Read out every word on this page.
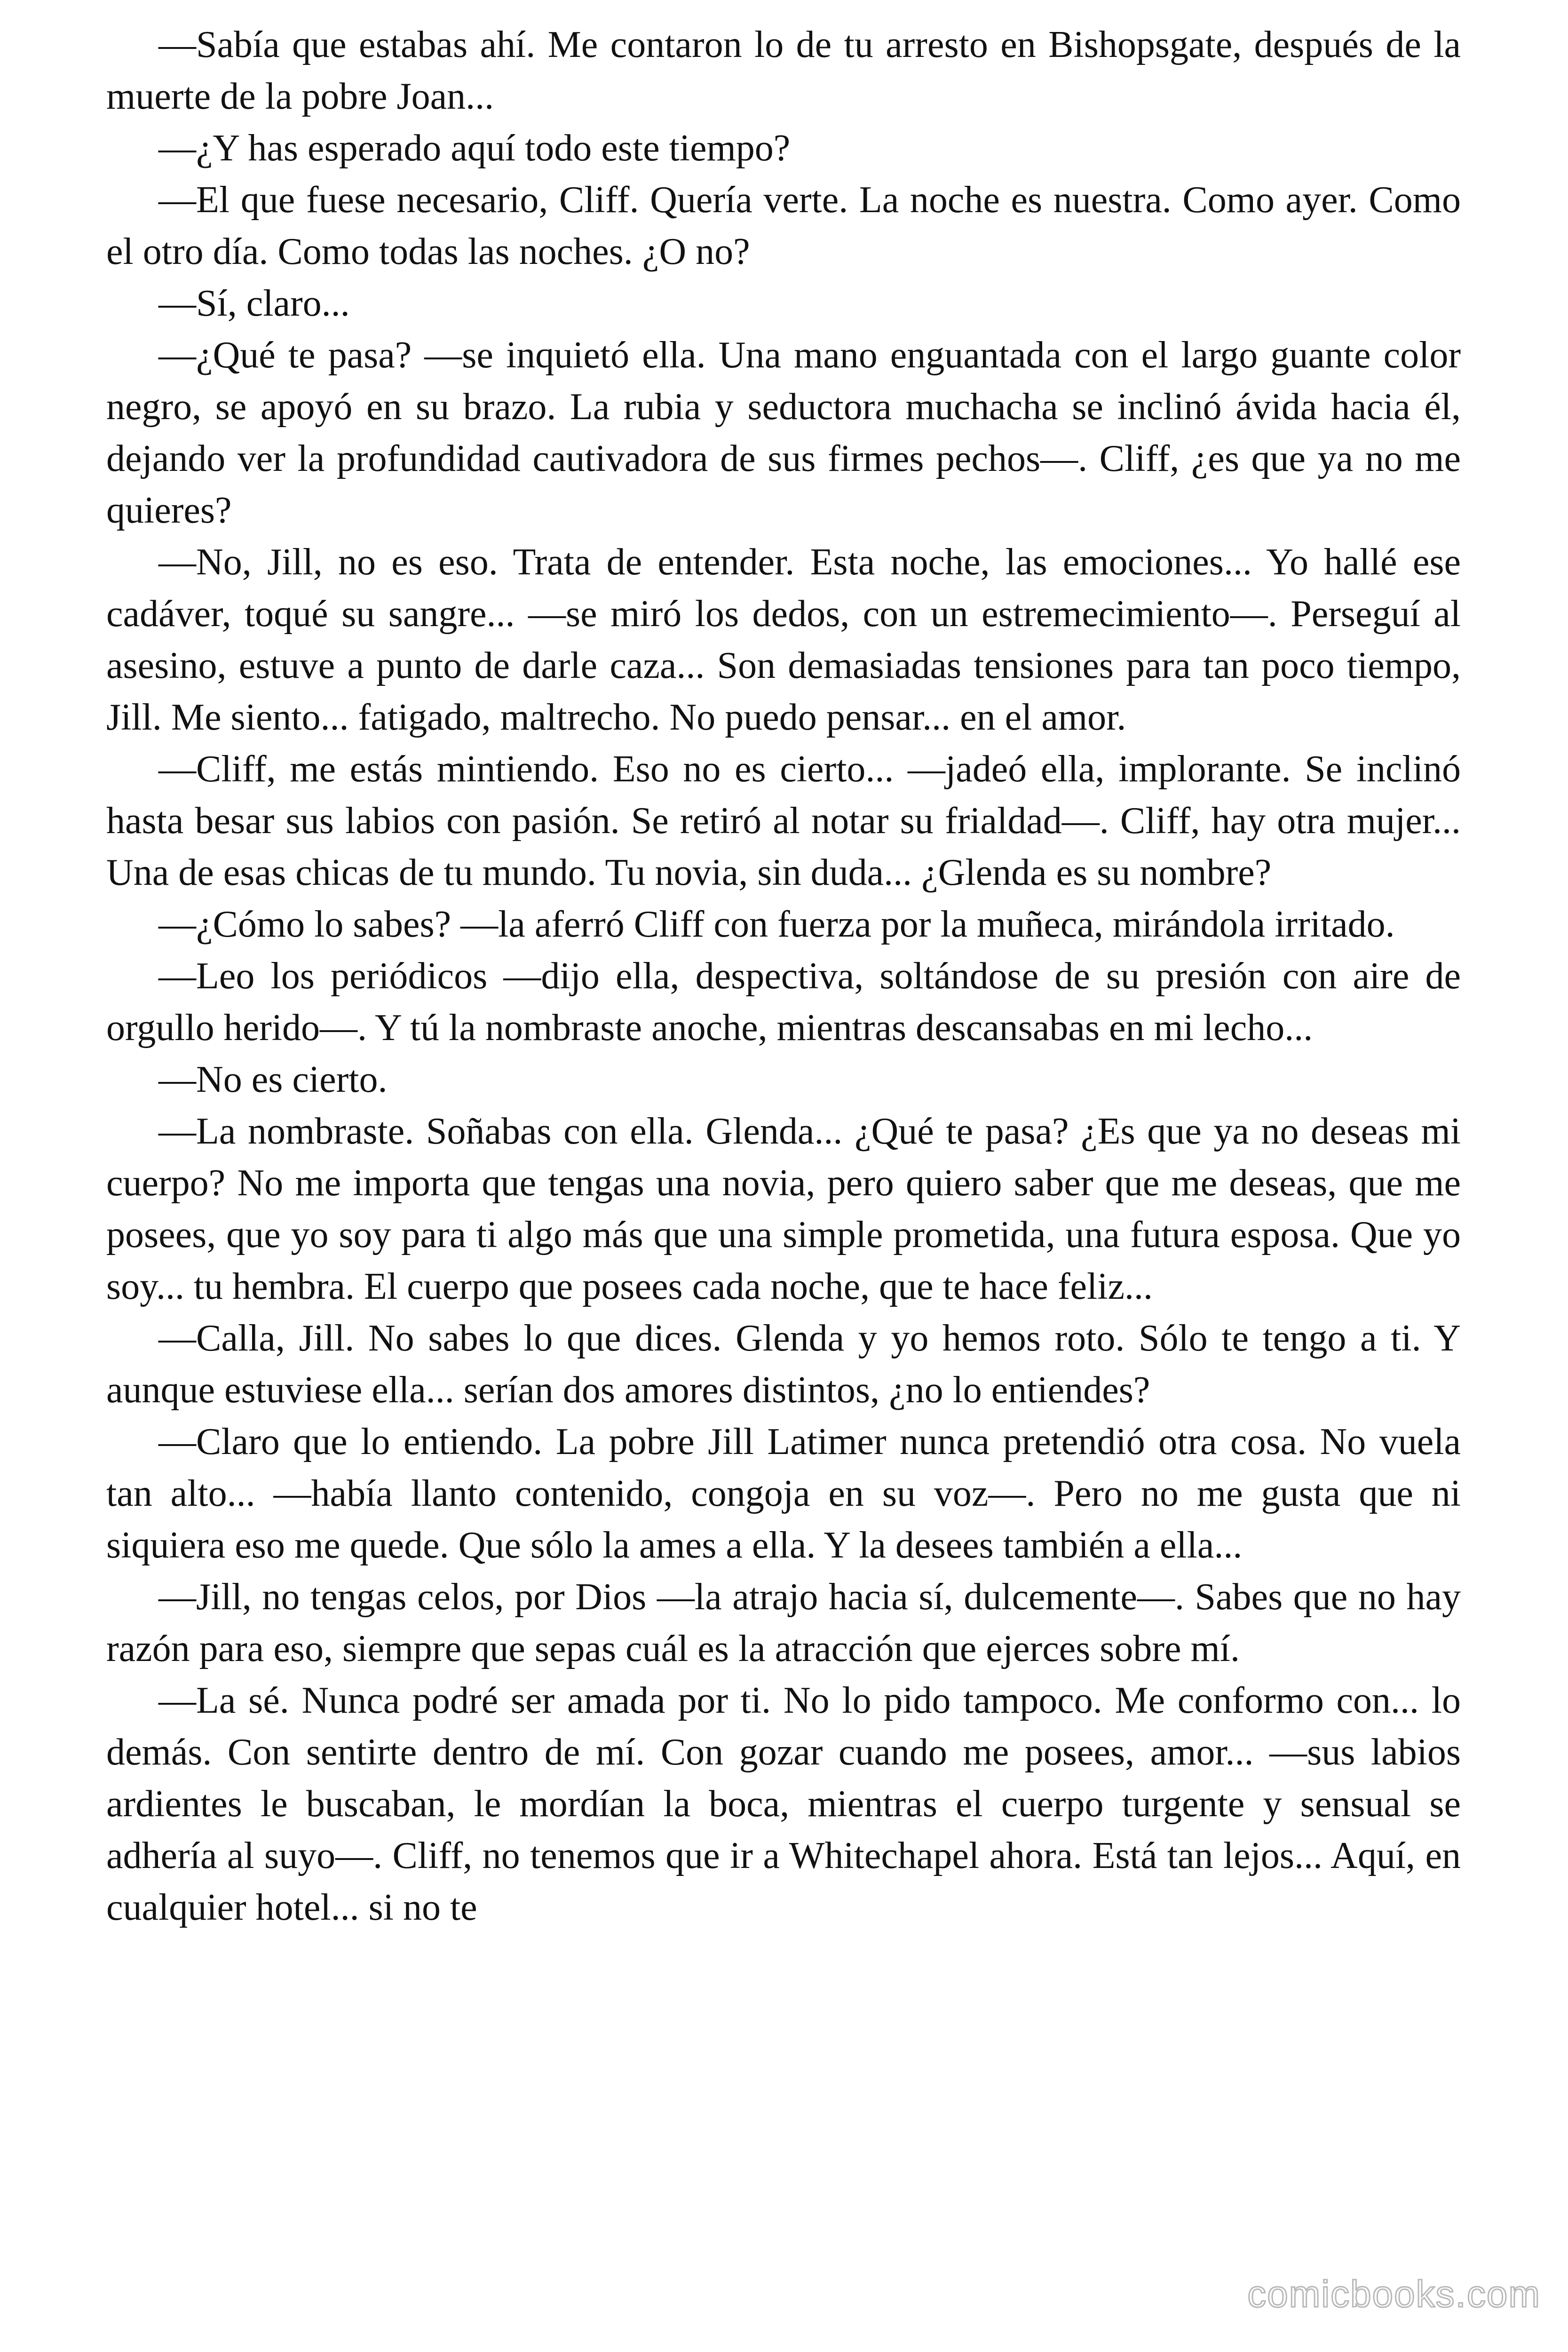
—Sabía que estabas ahí. Me contaron lo de tu arresto en Bishopsgate, después de la muerte de la pobre Joan...

—¿Y has esperado aquí todo este tiempo?

—El que fuese necesario, Cliff. Quería verte. La noche es nuestra. Como ayer. Como el otro día. Como todas las noches. ¿O no?

—Sí, claro...

—¿Qué te pasa? —se inquietó ella. Una mano enguantada con el largo guante color negro, se apoyó en su brazo. La rubia y seductora muchacha se inclinó ávida hacia él, dejando ver la profundidad cautivadora de sus firmes pechos—. Cliff, ¿es que ya no me quieres?

—No, Jill, no es eso. Trata de entender. Esta noche, las emociones... Yo hallé ese cadáver, toqué su sangre... —se miró los dedos, con un estremecimiento—. Perseguí al asesino, estuve a punto de darle caza... Son demasiadas tensiones para tan poco tiempo, Jill. Me siento... fatigado, maltrecho. No puedo pensar... en el amor.

—Cliff, me estás mintiendo. Eso no es cierto... —jadeó ella, implorante. Se inclinó hasta besar sus labios con pasión. Se retiró al notar su frialdad—. Cliff, hay otra mujer... Una de esas chicas de tu mundo. Tu novia, sin duda... ¿Glenda es su nombre?

—¿Cómo lo sabes? —la aferró Cliff con fuerza por la muñeca, mirándola irritado.

—Leo los periódicos —dijo ella, despectiva, soltándose de su presión con aire de orgullo herido—. Y tú la nombraste anoche, mientras descansabas en mi lecho...

—No es cierto.

—La nombraste. Soñabas con ella. Glenda... ¿Qué te pasa? ¿Es que ya no deseas mi cuerpo? No me importa que tengas una novia, pero quiero saber que me deseas, que me posees, que yo soy para ti algo más que una simple prometida, una futura esposa. Que yo soy... tu hembra. El cuerpo que posees cada noche, que te hace feliz...

—Calla, Jill. No sabes lo que dices. Glenda y yo hemos roto. Sólo te tengo a ti. Y aunque estuviese ella... serían dos amores distintos, ¿no lo entiendes?

—Claro que lo entiendo. La pobre Jill Latimer nunca pretendió otra cosa. No vuela tan alto... —había llanto contenido, congoja en su voz—. Pero no me gusta que ni siquiera eso me quede. Que sólo la ames a ella. Y la desees también a ella...

—Jill, no tengas celos, por Dios —la atrajo hacia sí, dulcemente—. Sabes que no hay razón para eso, siempre que sepas cuál es la atracción que ejerces sobre mí.

—La sé. Nunca podré ser amada por ti. No lo pido tampoco. Me conformo con... lo demás. Con sentirte dentro de mí. Con gozar cuando me posees, amor... —sus labios ardientes le buscaban, le mordían la boca, mientras el cuerpo turgente y sensual se adhería al suyo—. Cliff, no tenemos que ir a Whitechapel ahora. Está tan lejos... Aquí, en cualquier hotel... si no te

comicbooks.com
